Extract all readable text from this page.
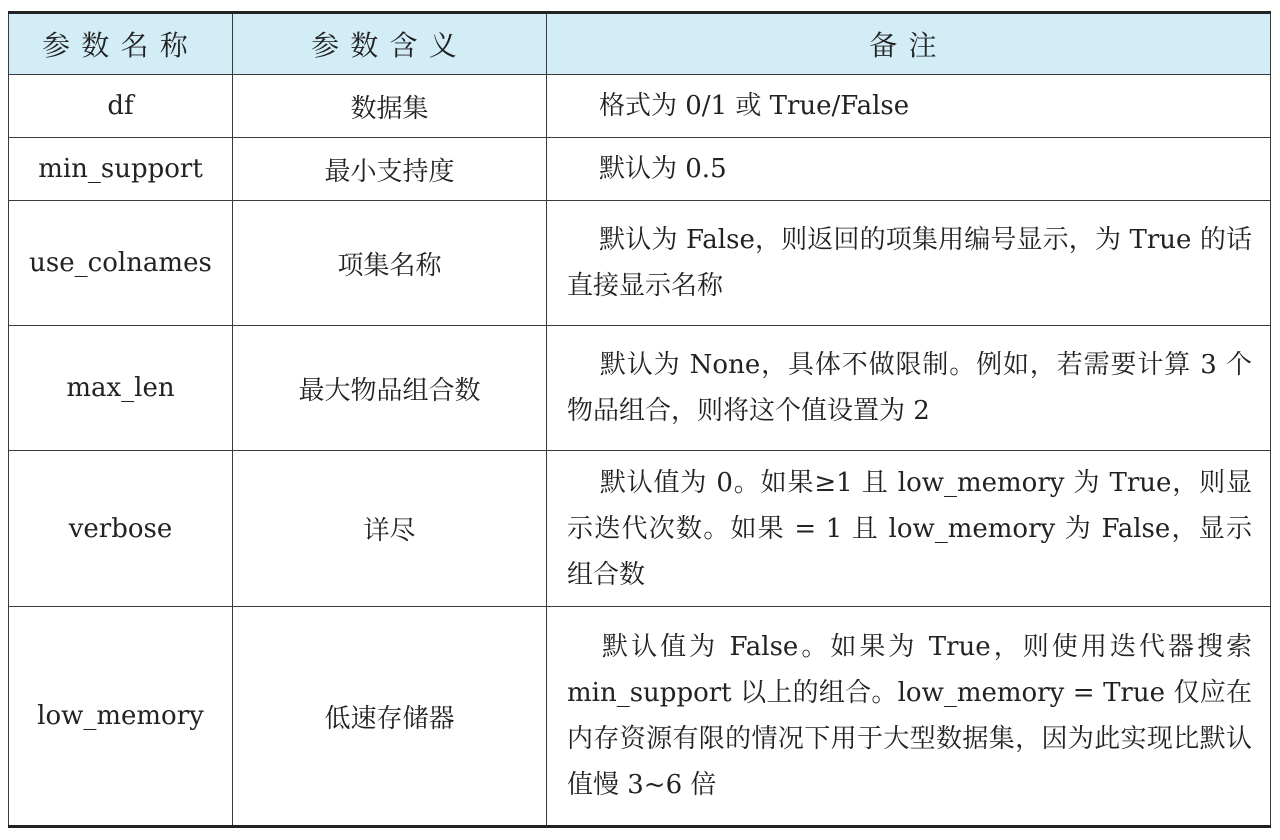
参数名称	参数含义	备注
df	数据集	格式为 0/1 或 True/False
min_support	最小支持度	默认为 0.5
use_colnames	项集名称	默认为 False，则返回的项集用编号显示，为 True 的话直接显示名称
max_len	最大物品组合数	默认为 None，具体不做限制。例如，若需要计算 3 个物品组合，则将这个值设置为 2
verbose	详尽	默认值为 0。如果≥1 且 low_memory 为 True，则显示迭代次数。如果 = 1 且 low_memory 为 False，显示组合数
low_memory	低速存储器	默认值为 False。如果为 True，则使用迭代器搜索 min_support 以上的组合。low_memory = True 仅应在内存资源有限的情况下用于大型数据集，因为此实现比默认值慢 3~6 倍
